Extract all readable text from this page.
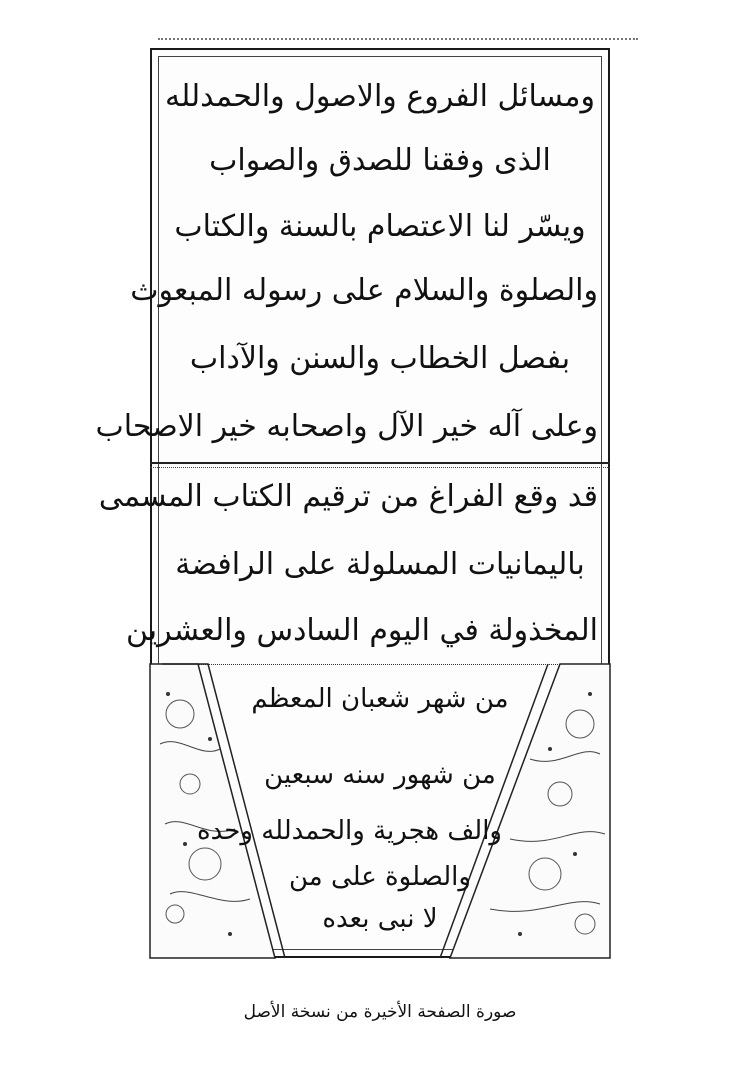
ومسائل الفروع والاصول والحمدلله
الذى وفقنا للصدق والصواب
ويسّر لنا الاعتصام بالسنة والكتاب
والصلوة والسلام على رسوله المبعوث
بفصل الخطاب والسنن والآداب
وعلى آله خير الآل واصحابه خير الاصحاب
قد وقع الفراغ من ترقيم الكتاب المسمى
باليمانيات المسلولة على الرافضة
المخذولة في اليوم السادس والعشرين
من شهر شعبان المعظم
من شهور سنه سبعين
والف هجرية والحمدلله وحده
والصلوة على من
لا نبى بعده
صورة الصفحة الأخيرة من نسخة الأصل
